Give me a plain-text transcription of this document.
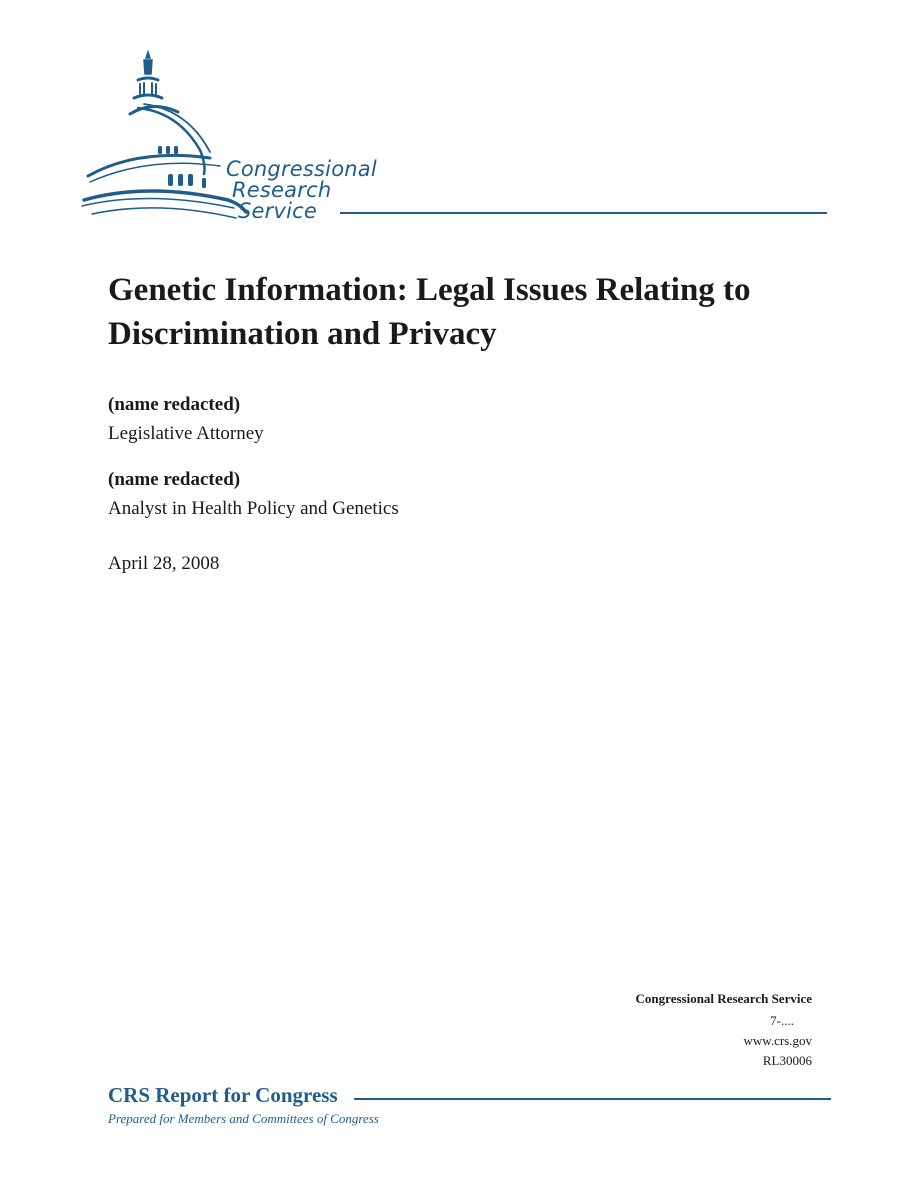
Congressional
Research
Service
Genetic Information: Legal Issues Relating to Discrimination and Privacy

(name redacted)

Legislative Attorney

(name redacted)

Analyst in Health Policy and Genetics

April 28, 2008

Congressional Research Service
7-....
www.crs.gov
RL30006
CRS Report for Congress
Prepared for Members and Committees of Congress
